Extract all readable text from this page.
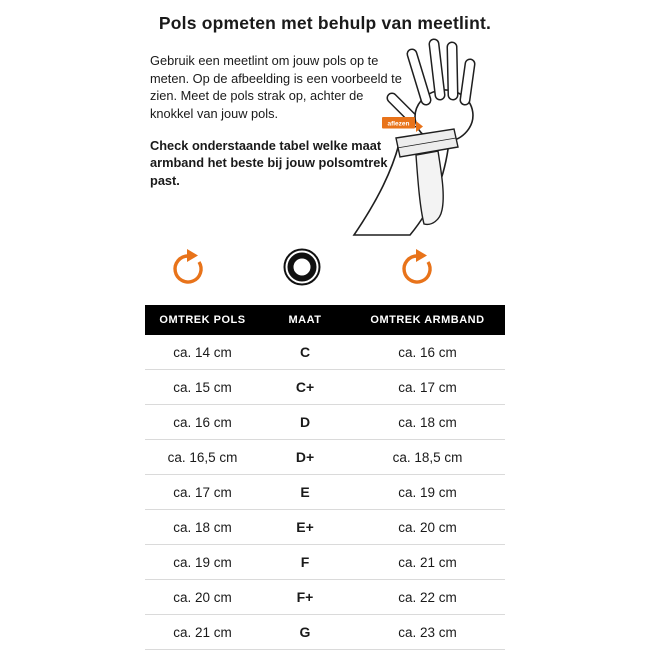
Pols opmeten met behulp van meetlint.

Gebruik een meetlint om jouw pols op te meten. Op de afbeelding is een voorbeeld te zien. Meet de pols strak op, achter de knokkel van jouw pols.

Check onderstaande tabel welke maat armband het beste bij jouw polsomtrek past.

aflezen
OMTREK POLS	MAAT	OMTREK ARMBAND
ca. 14 cm	C	ca. 16 cm
ca. 15 cm	C+	ca. 17 cm
ca. 16 cm	D	ca. 18 cm
ca. 16,5 cm	D+	ca. 18,5 cm
ca. 17 cm	E	ca. 19 cm
ca. 18 cm	E+	ca. 20 cm
ca. 19 cm	F	ca. 21 cm
ca. 20 cm	F+	ca. 22 cm
ca. 21 cm	G	ca. 23 cm
